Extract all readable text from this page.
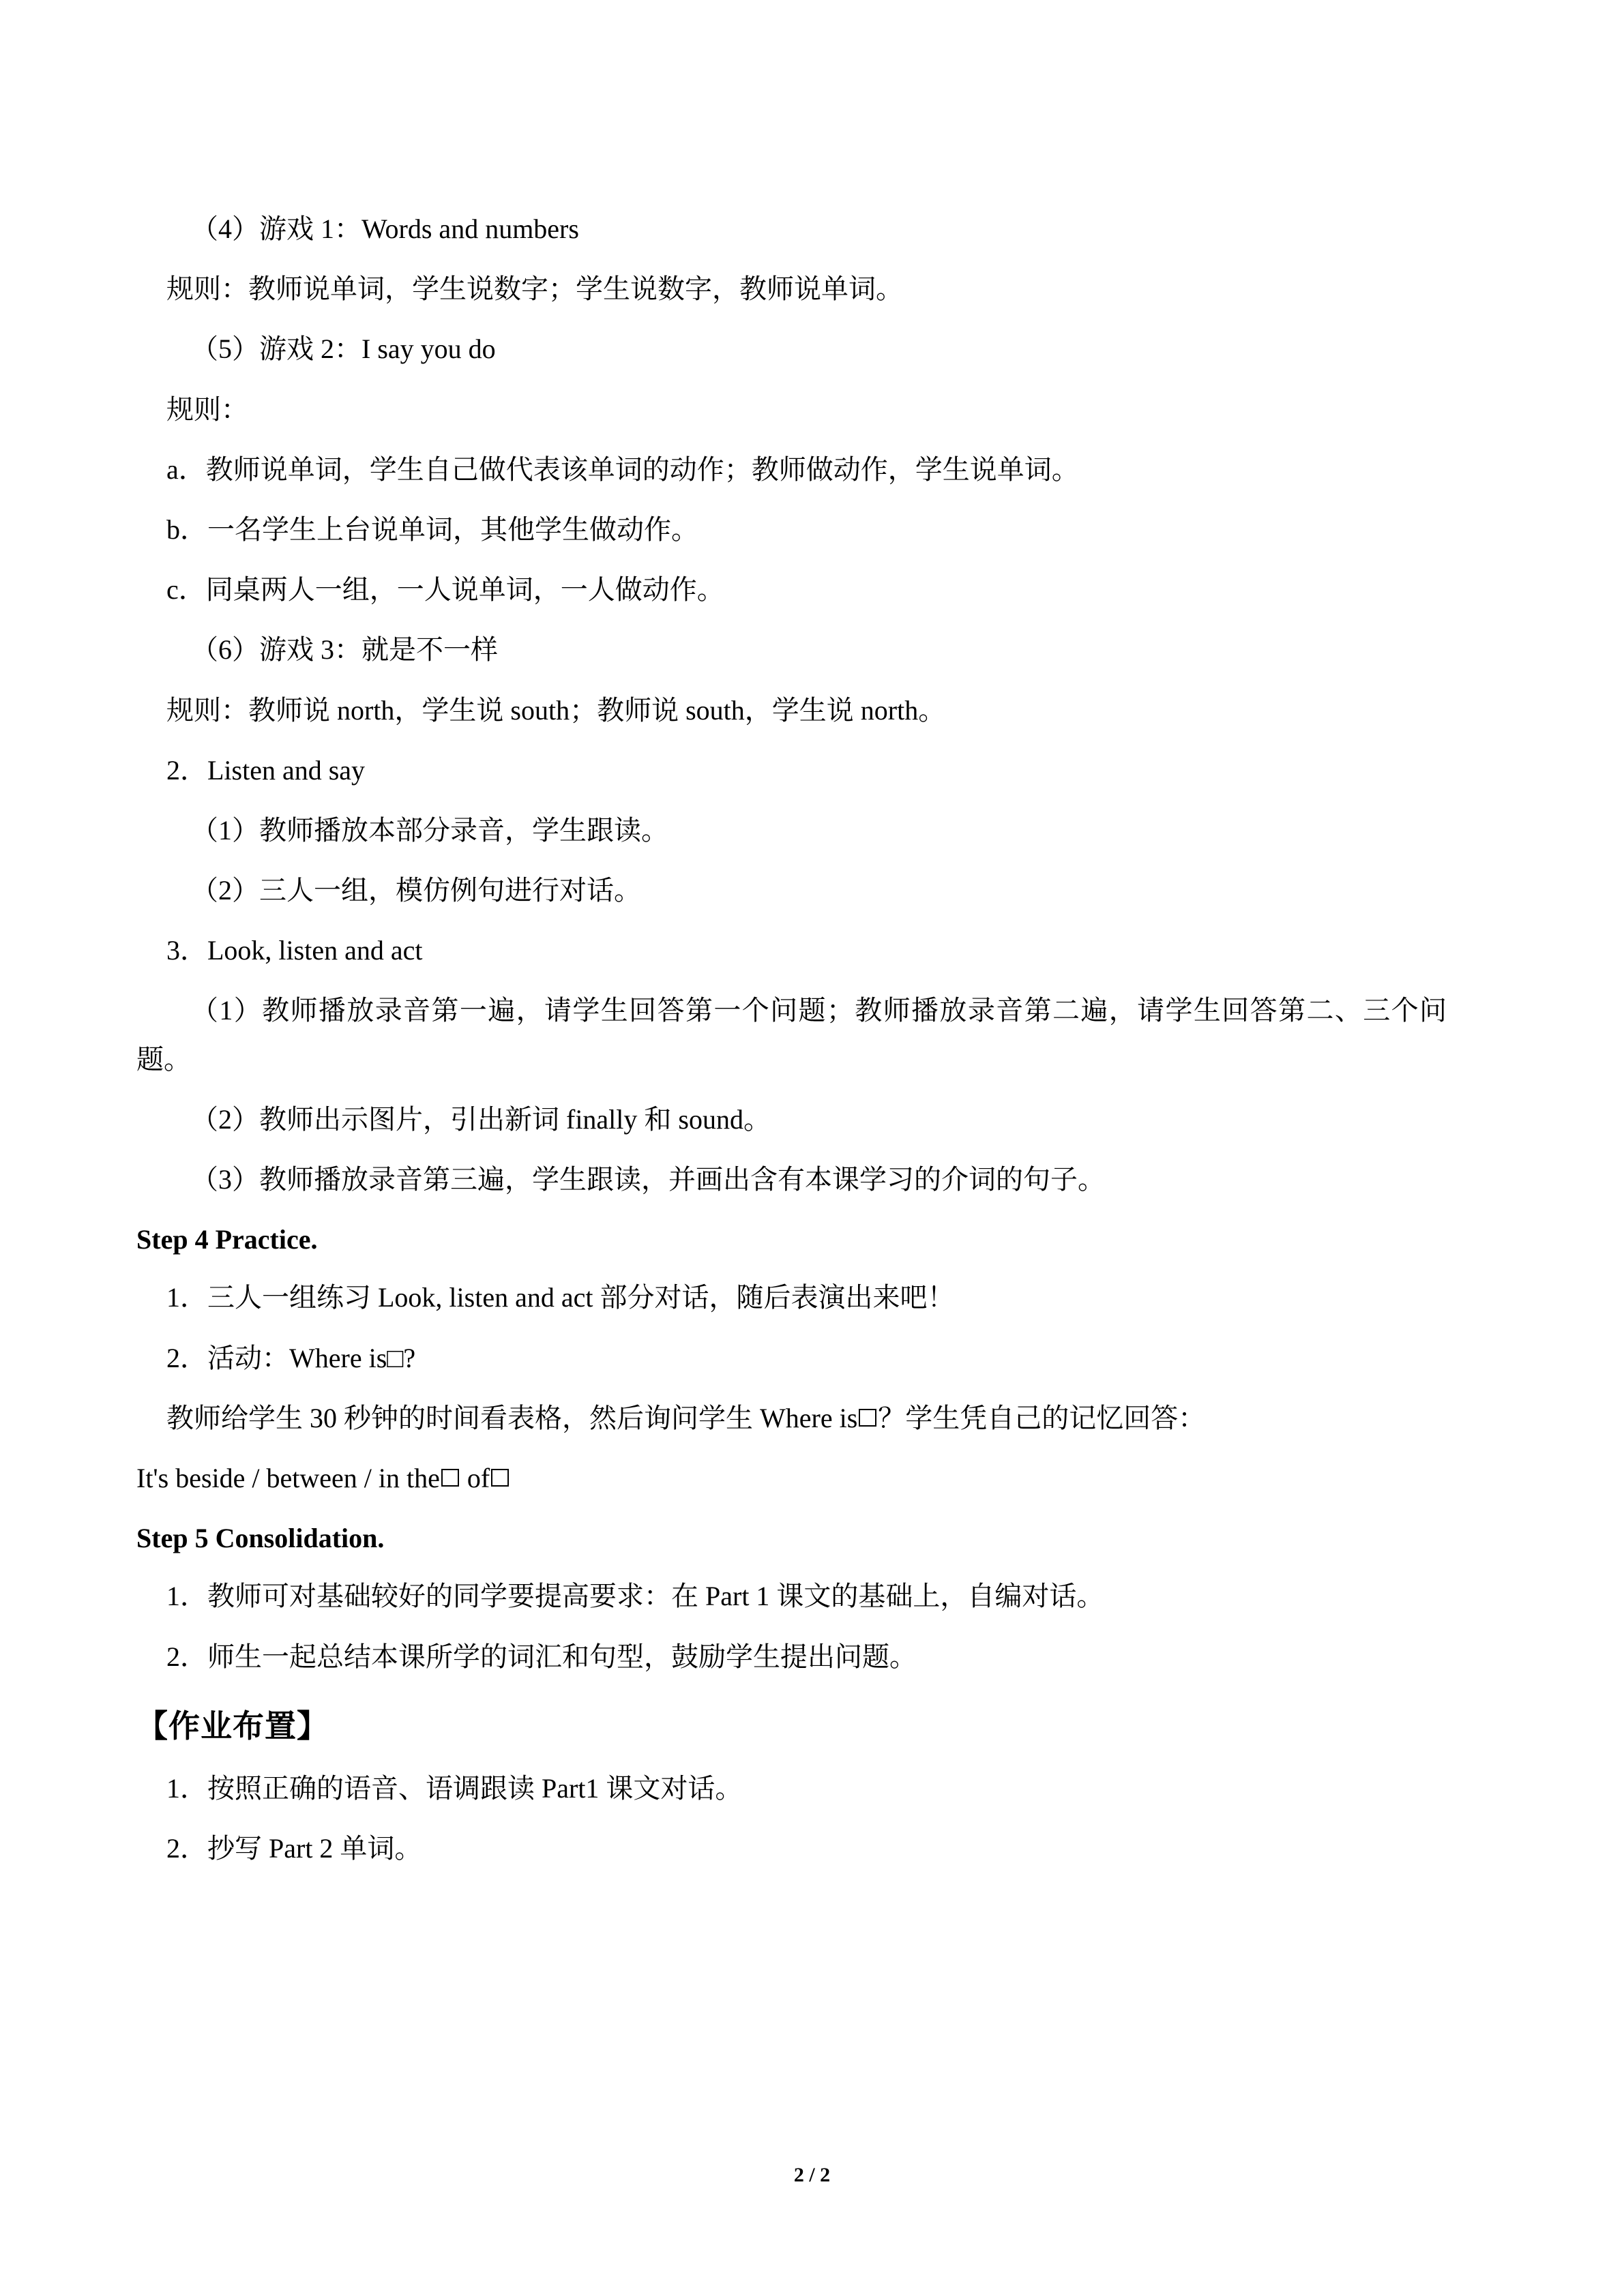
（4）游戏 1：Words and numbers
规则：教师说单词，学生说数字；学生说数字，教师说单词。
（5）游戏 2：I say you do
规则：
a．教师说单词，学生自己做代表该单词的动作；教师做动作，学生说单词。
b．一名学生上台说单词，其他学生做动作。
c．同桌两人一组，一人说单词，一人做动作。
（6）游戏 3：就是不一样
规则：教师说 north，学生说 south；教师说 south，学生说 north。
2．Listen and say
（1）教师播放本部分录音，学生跟读。
（2）三人一组，模仿例句进行对话。
3．Look, listen and act
（1）教师播放录音第一遍，请学生回答第一个问题；教师播放录音第二遍，请学生回答第二、三个问题。
（2）教师出示图片，引出新词 finally 和 sound。
（3）教师播放录音第三遍，学生跟读，并画出含有本课学习的介词的句子。
Step 4 Practice.
1．三人一组练习 Look, listen and act 部分对话，随后表演出来吧！
2．活动：Where is□?
教师给学生 30 秒钟的时间看表格，然后询问学生 Where is ？学生凭自己的记忆回答：
It's beside / between / in the of
Step 5 Consolidation.
1．教师可对基础较好的同学要提高要求：在 Part 1 课文的基础上，自编对话。
2．师生一起总结本课所学的词汇和句型，鼓励学生提出问题。
【作业布置】
1．按照正确的语音、语调跟读 Part1 课文对话。
2．抄写 Part 2 单词。
2 / 2
